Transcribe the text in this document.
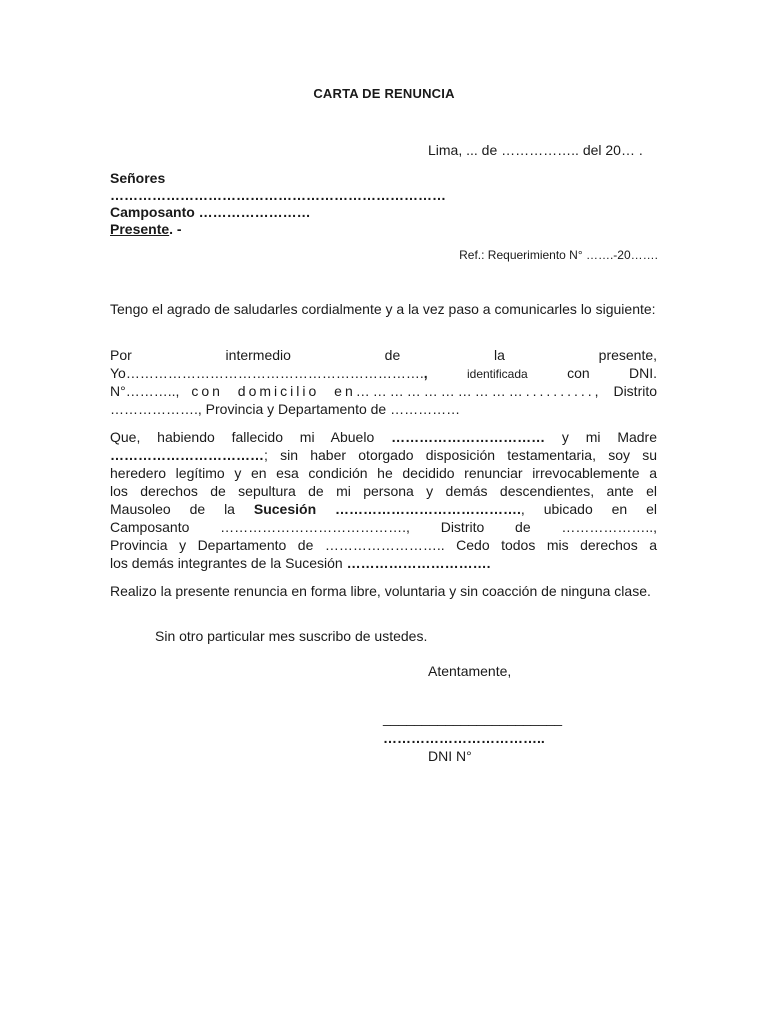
CARTA DE RENUNCIA
Lima, ... de …………….. del 20… .
Señores
………………………………………………………………
Camposanto ……………………
Presente. -
Ref.: Requerimiento N° …….-20…….
Tengo el agrado de saludarles cordialmente y a la vez paso a comunicarles lo siguiente:
Por	intermedio	de	la	presente,
Yo……………………………………………………….,	identificada	con	DNI.
N°……….., con domicilio en………………………….........., Distrito
………………., Provincia y Departamento de ……………
Que, habiendo fallecido mi Abuelo …………………………… y mi Madre
……………………………; sin haber otorgado disposición testamentaria, soy su
heredero legítimo y en esa condición he decidido renunciar irrevocablemente a
los derechos de sepultura de mi persona y demás descendientes, ante el
Mausoleo de la Sucesión …………………………………., ubicado en el
Camposanto …………………………………., Distrito de ………………..,
Provincia y Departamento de …………………….. Cedo todos mis derechos a
los demás integrantes de la Sucesión ………………………….
Realizo la presente renuncia en forma libre, voluntaria y sin coacción de ninguna clase.
Sin otro particular mes suscribo de ustedes.
Atentamente,
_______________________
……………………………..
DNI N°
